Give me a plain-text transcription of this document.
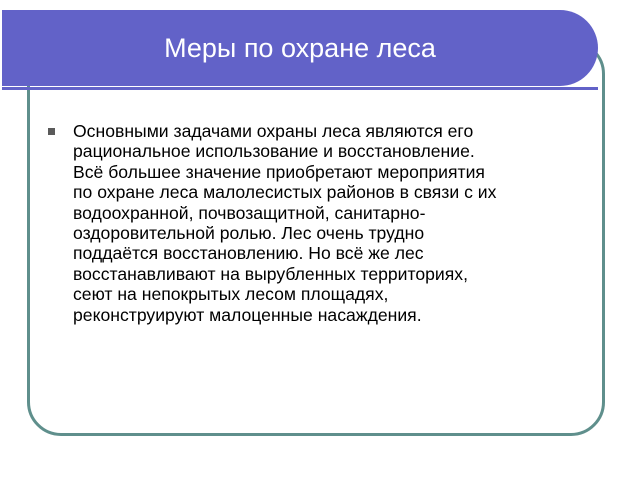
Меры по охране леса
Основными задачами охраны леса являются его
рациональное использование и восстановление.
Всё большее значение приобретают мероприятия
по охране леса малолесистых районов в связи с их
водоохранной, почвозащитной, санитарно-
оздоровительной ролью. Лес очень трудно
поддаётся восстановлению. Но всё же лес
восстанавливают на вырубленных территориях,
сеют на непокрытых лесом площадях,
реконструируют малоценные насаждения.
